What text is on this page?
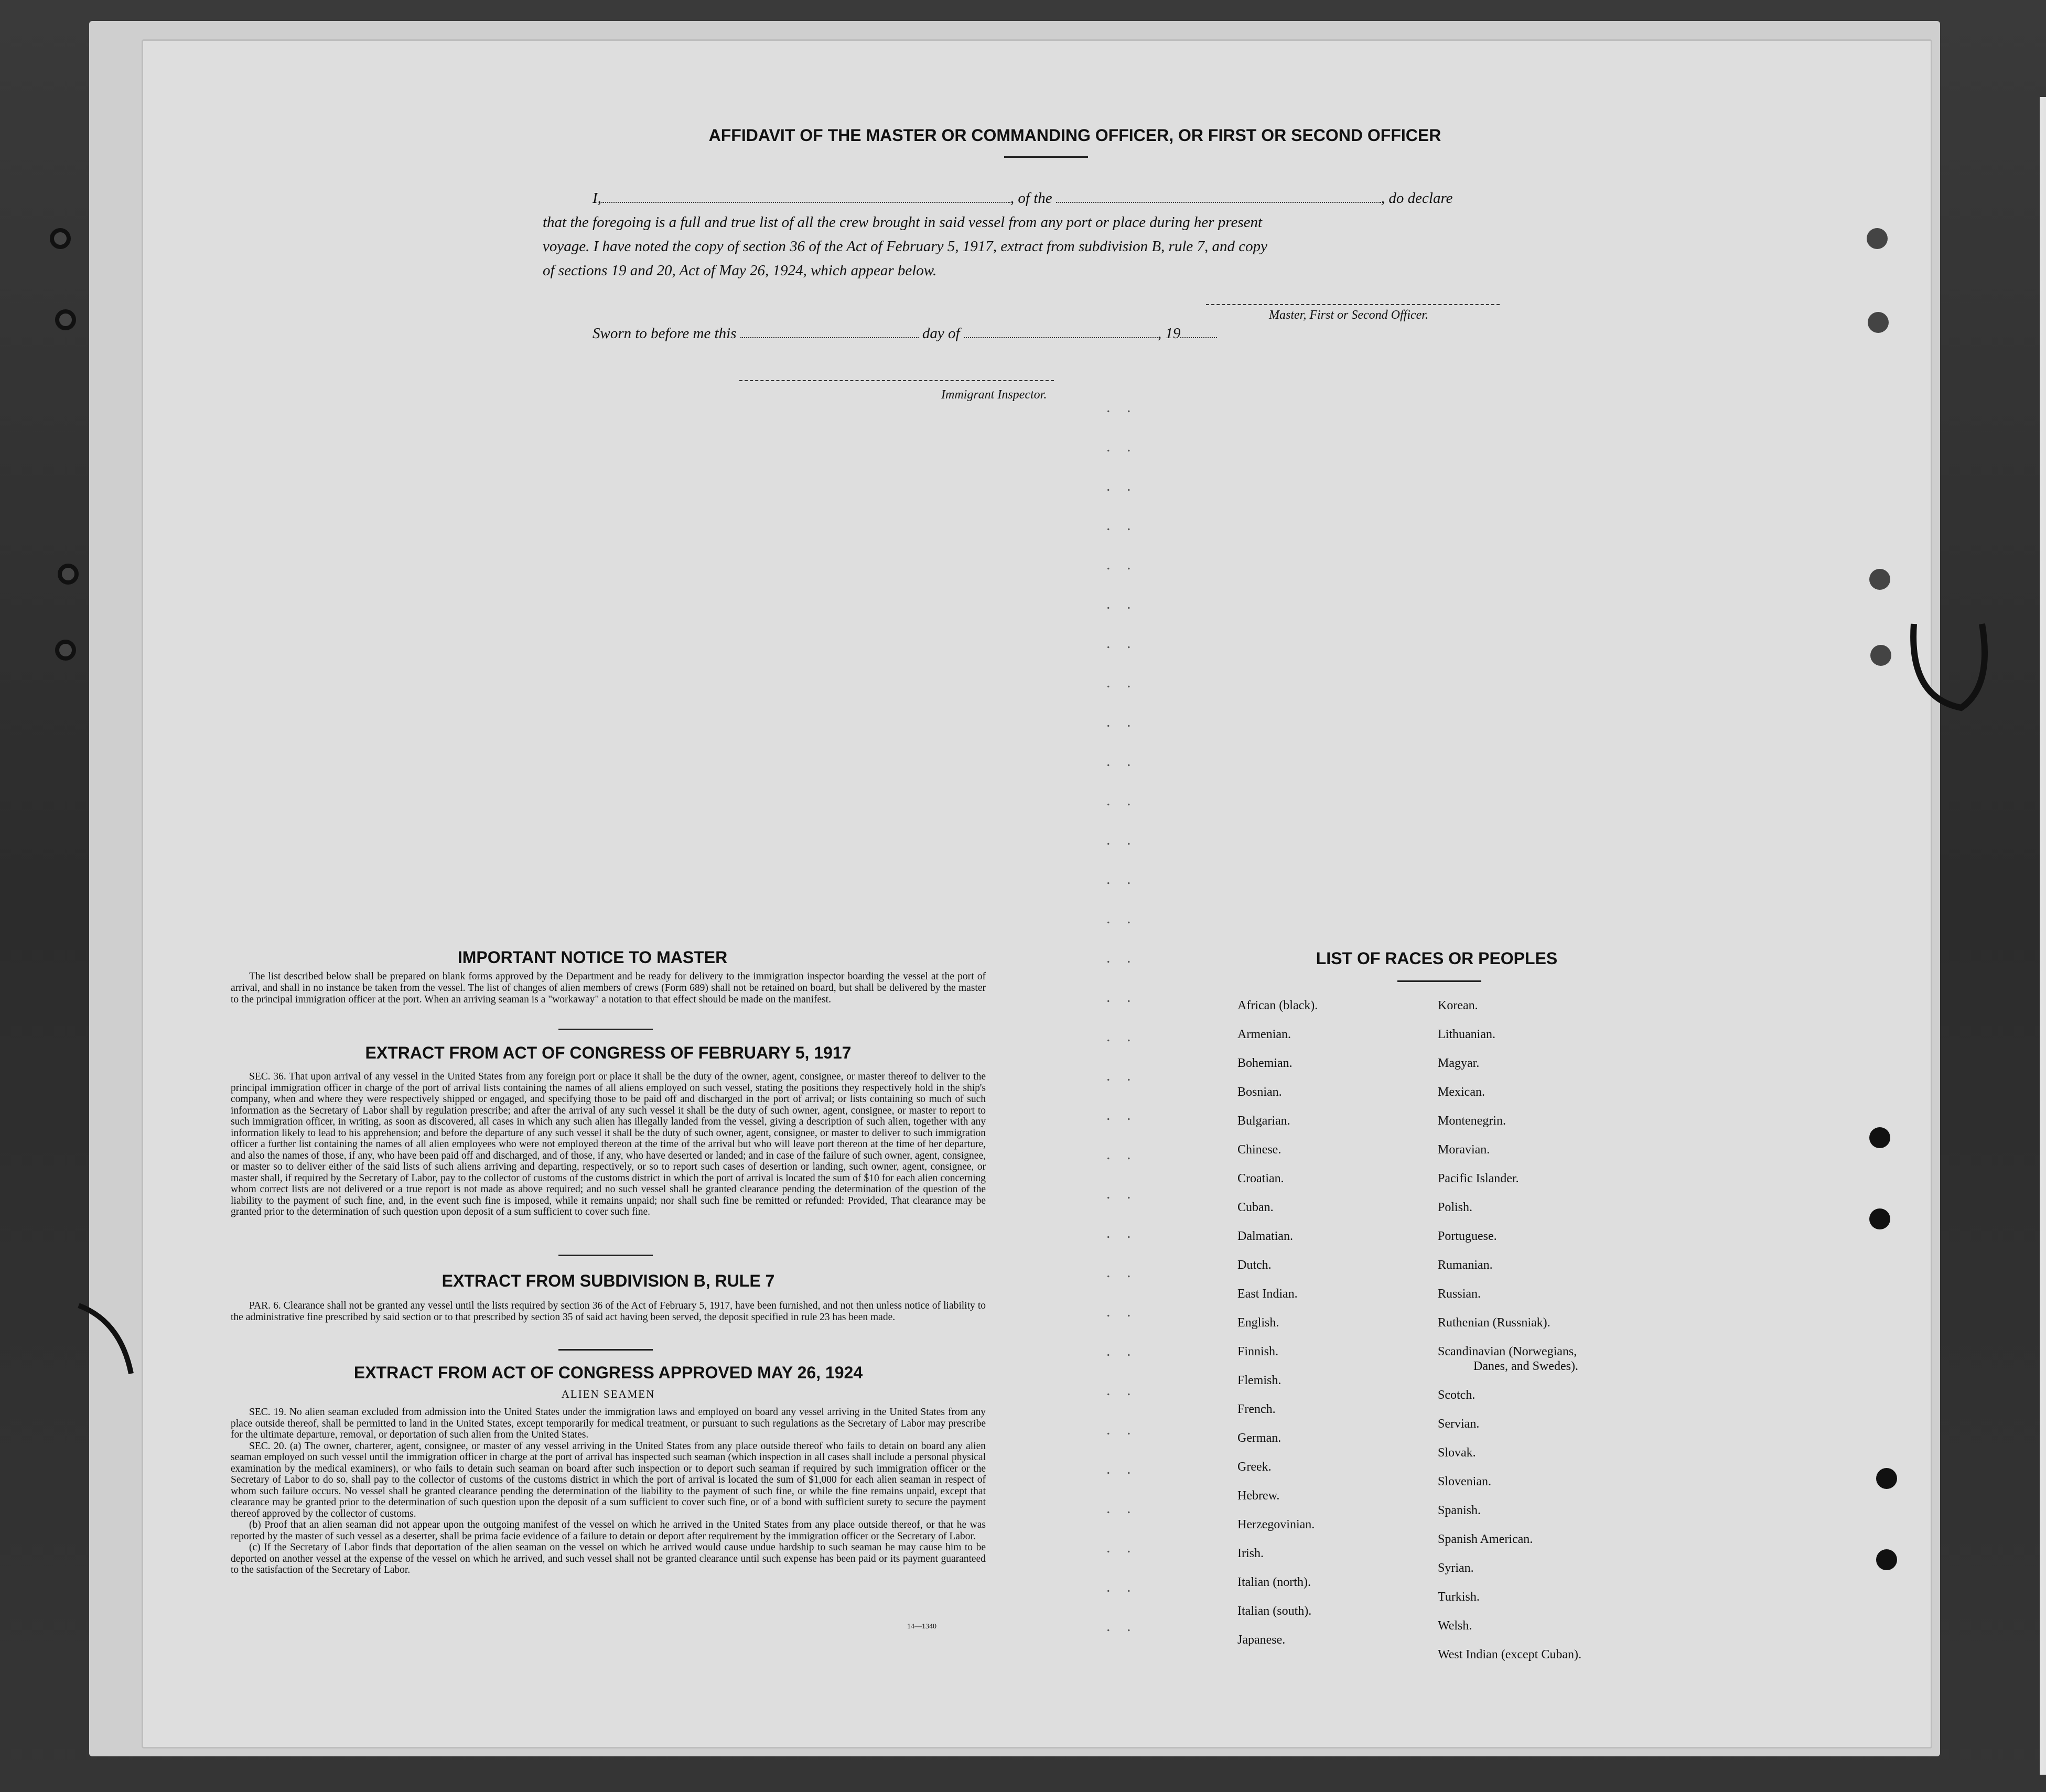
. .
. .
. .
. .
. .
. .
. .
. .
. .
. .
. .
. .
. .
. .
. .
. .
. .
. .
. .
. .
. .
. .
. .
. .
. .
. .
. .
. .
. .
. .
. .
. .
AFFIDAVIT OF THE MASTER OR COMMANDING OFFICER, OR FIRST OR SECOND OFFICER
I,	, of the	, do declare
that the foregoing is a full and true list of all the crew brought in said vessel from any port or place during her present
voyage. I have noted the copy of section 36 of the Act of February 5, 1917, extract from subdivision B, rule 7, and copy
of sections 19 and 20, Act of May 26, 1924, which appear below.
Master, First or Second Officer.
Sworn to before me this	day of	, 19
Immigrant Inspector.
IMPORTANT NOTICE TO MASTER
The list described below shall be prepared on blank forms approved by the Department and be ready for delivery to the immigration inspector boarding the vessel at the port of arrival, and shall in no instance be taken from the vessel. The list of changes of alien members of crews (Form 689) shall not be retained on board, but shall be delivered by the master to the principal immigration officer at the port. When an arriving seaman is a "workaway" a notation to that effect should be made on the manifest.
EXTRACT FROM ACT OF CONGRESS OF FEBRUARY 5, 1917
SEC. 36. That upon arrival of any vessel in the United States from any foreign port or place it shall be the duty of the owner, agent, consignee, or master thereof to deliver to the principal immigration officer in charge of the port of arrival lists containing the names of all aliens employed on such vessel, stating the positions they respectively hold in the ship's company, when and where they were respectively shipped or engaged, and specifying those to be paid off and discharged in the port of arrival; or lists containing so much of such information as the Secretary of Labor shall by regulation prescribe; and after the arrival of any such vessel it shall be the duty of such owner, agent, consignee, or master to report to such immigration officer, in writing, as soon as discovered, all cases in which any such alien has illegally landed from the vessel, giving a description of such alien, together with any information likely to lead to his apprehension; and before the departure of any such vessel it shall be the duty of such owner, agent, consignee, or master to deliver to such immigration officer a further list containing the names of all alien employees who were not employed thereon at the time of the arrival but who will leave port thereon at the time of her departure, and also the names of those, if any, who have been paid off and discharged, and of those, if any, who have deserted or landed; and in case of the failure of such owner, agent, consignee, or master so to deliver either of the said lists of such aliens arriving and departing, respectively, or so to report such cases of desertion or landing, such owner, agent, consignee, or master shall, if required by the Secretary of Labor, pay to the collector of customs of the customs district in which the port of arrival is located the sum of $10 for each alien concerning whom correct lists are not delivered or a true report is not made as above required; and no such vessel shall be granted clearance pending the determination of the question of the liability to the payment of such fine, and, in the event such fine is imposed, while it remains unpaid; nor shall such fine be remitted or refunded: Provided, That clearance may be granted prior to the determination of such question upon deposit of a sum sufficient to cover such fine.
EXTRACT FROM SUBDIVISION B, RULE 7
PAR. 6. Clearance shall not be granted any vessel until the lists required by section 36 of the Act of February 5, 1917, have been furnished, and not then unless notice of liability to the administrative fine prescribed by said section or to that prescribed by section 35 of said act having been served, the deposit specified in rule 23 has been made.
EXTRACT FROM ACT OF CONGRESS APPROVED MAY 26, 1924
ALIEN SEAMEN
SEC. 19. No alien seaman excluded from admission into the United States under the immigration laws and employed on board any vessel arriving in the United States from any place outside thereof, shall be permitted to land in the United States, except temporarily for medical treatment, or pursuant to such regulations as the Secretary of Labor may prescribe for the ultimate departure, removal, or deportation of such alien from the United States.
SEC. 20. (a) The owner, charterer, agent, consignee, or master of any vessel arriving in the United States from any place outside thereof who fails to detain on board any alien seaman employed on such vessel until the immigration officer in charge at the port of arrival has inspected such seaman (which inspection in all cases shall include a personal physical examination by the medical examiners), or who fails to detain such seaman on board after such inspection or to deport such seaman if required by such immigration officer or the Secretary of Labor to do so, shall pay to the collector of customs of the customs district in which the port of arrival is located the sum of $1,000 for each alien seaman in respect of whom such failure occurs. No vessel shall be granted clearance pending the determination of the liability to the payment of such fine, or while the fine remains unpaid, except that clearance may be granted prior to the determination of such question upon the deposit of a sum sufficient to cover such fine, or of a bond with sufficient surety to secure the payment thereof approved by the collector of customs.
(b) Proof that an alien seaman did not appear upon the outgoing manifest of the vessel on which he arrived in the United States from any place outside thereof, or that he was reported by the master of such vessel as a deserter, shall be prima facie evidence of a failure to detain or deport after requirement by the immigration officer or the Secretary of Labor.
(c) If the Secretary of Labor finds that deportation of the alien seaman on the vessel on which he arrived would cause undue hardship to such seaman he may cause him to be deported on another vessel at the expense of the vessel on which he arrived, and such vessel shall not be granted clearance until such expense has been paid or its payment guaranteed to the satisfaction of the Secretary of Labor.
14—1340
LIST OF RACES OR PEOPLES
African (black).
Armenian.
Bohemian.
Bosnian.
Bulgarian.
Chinese.
Croatian.
Cuban.
Dalmatian.
Dutch.
East Indian.
English.
Finnish.
Flemish.
French.
German.
Greek.
Hebrew.
Herzegovinian.
Irish.
Italian (north).
Italian (south).
Japanese.
Korean.
Lithuanian.
Magyar.
Mexican.
Montenegrin.
Moravian.
Pacific Islander.
Polish.
Portuguese.
Rumanian.
Russian.
Ruthenian (Russniak).
Scandinavian (Norwegians,
Danes, and Swedes).
Scotch.
Servian.
Slovak.
Slovenian.
Spanish.
Spanish American.
Syrian.
Turkish.
Welsh.
West Indian (except Cuban).
